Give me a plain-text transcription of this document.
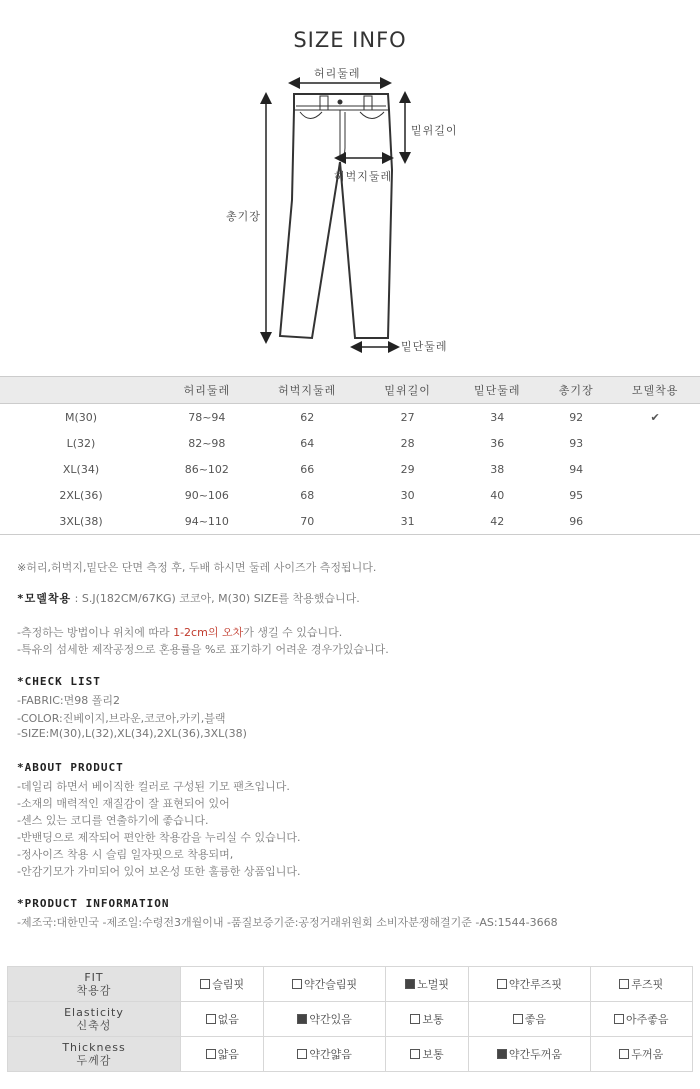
SIZE INFO
허리둘레
밑위길이
허벅지둘레
총기장
밑단둘레
	허리둘레	허벅지둘레	밑위길이	밑단둘레	총기장	모델착용
M(30)	78~94	62	27	34	92	✔
L(32)	82~98	64	28	36	93	
XL(34)	86~102	66	29	38	94	
2XL(36)	90~106	68	30	40	95	
3XL(38)	94~110	70	31	42	96	
※허리,허벅지,밑단은 단면 측정 후, 두배 하시면 둘레 사이즈가 측정됩니다.
*모델착용 : S.J(182CM/67KG) 코코아, M(30) SIZE를 착용했습니다.
-측정하는 방법이나 위치에 따라 1-2cm의 오차가 생길 수 있습니다.
-특유의 섬세한 제작공정으로 혼용률을 %로 표기하기 어려운 경우가있습니다.
*CHECK LIST
-FABRIC:면98 폴리2
-COLOR:진베이지,브라운,코코아,카키,블랙
-SIZE:M(30),L(32),XL(34),2XL(36),3XL(38)
*ABOUT PRODUCT
-데일리 하면서 베이직한 컬러로 구성된 기모 팬츠입니다.
-소재의 매력적인 재질감이 잘 표현되어 있어
-센스 있는 코디를 연출하기에 좋습니다.
-반밴딩으로 제작되어 편안한 착용감을 누리실 수 있습니다.
-정사이즈 착용 시 슬림 일자핏으로 착용되며,
-안감기모가 가미되어 있어 보온성 또한 훌륭한 상품입니다.
*PRODUCT INFORMATION
-제조국:대한민국 -제조일:수령전3개월이내 -품질보증기준:공정거래위원회 소비자분쟁해결기준 -AS:1544-3668
FIT
착용감	슬림핏	약간슬림핏	노멀핏	약간루즈핏	루즈핏

Elasticity
신축성	없음	약간있음	보통	좋음	아주좋음

Thickness
두께감	얇음	약간얇음	보통	약간두꺼움	두꺼움
